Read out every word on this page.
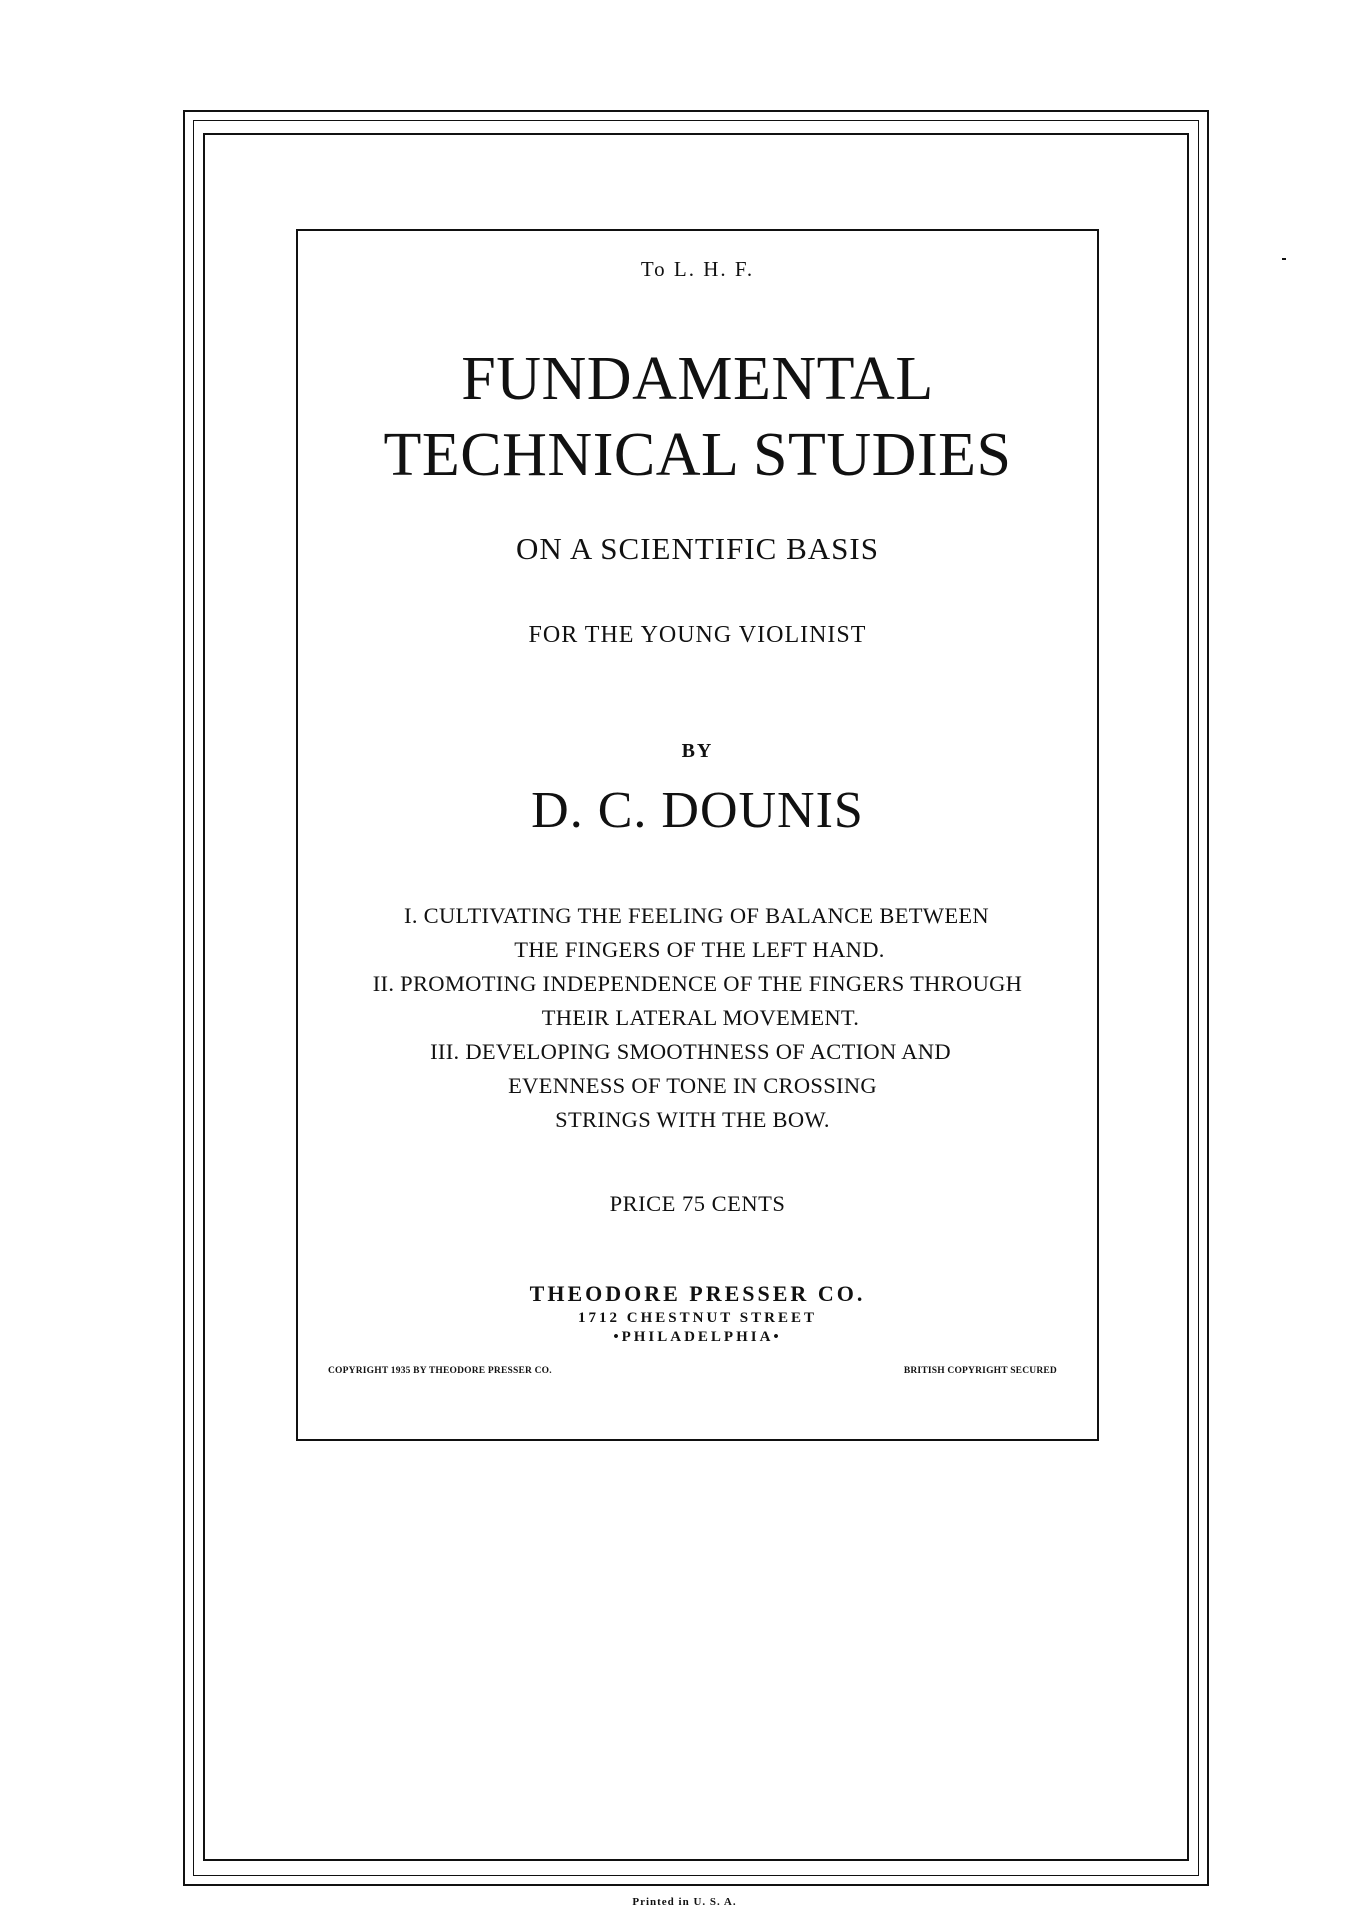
To L. H. F.
FUNDAMENTAL
TECHNICAL STUDIES
ON A SCIENTIFIC BASIS
FOR THE YOUNG VIOLINIST
BY
D. C. DOUNIS
I. CULTIVATING THE FEELING OF BALANCE BETWEEN
THE FINGERS OF THE LEFT HAND.
II. PROMOTING INDEPENDENCE OF THE FINGERS THROUGH
THEIR LATERAL MOVEMENT.
III. DEVELOPING SMOOTHNESS OF ACTION AND
EVENNESS OF TONE IN CROSSING
STRINGS WITH THE BOW.
PRICE 75 CENTS
THEODORE PRESSER CO.
1712 CHESTNUT STREET
•PHILADELPHIA•
COPYRIGHT 1935 BY THEODORE PRESSER CO.	BRITISH COPYRIGHT SECURED
Printed in U. S. A.
